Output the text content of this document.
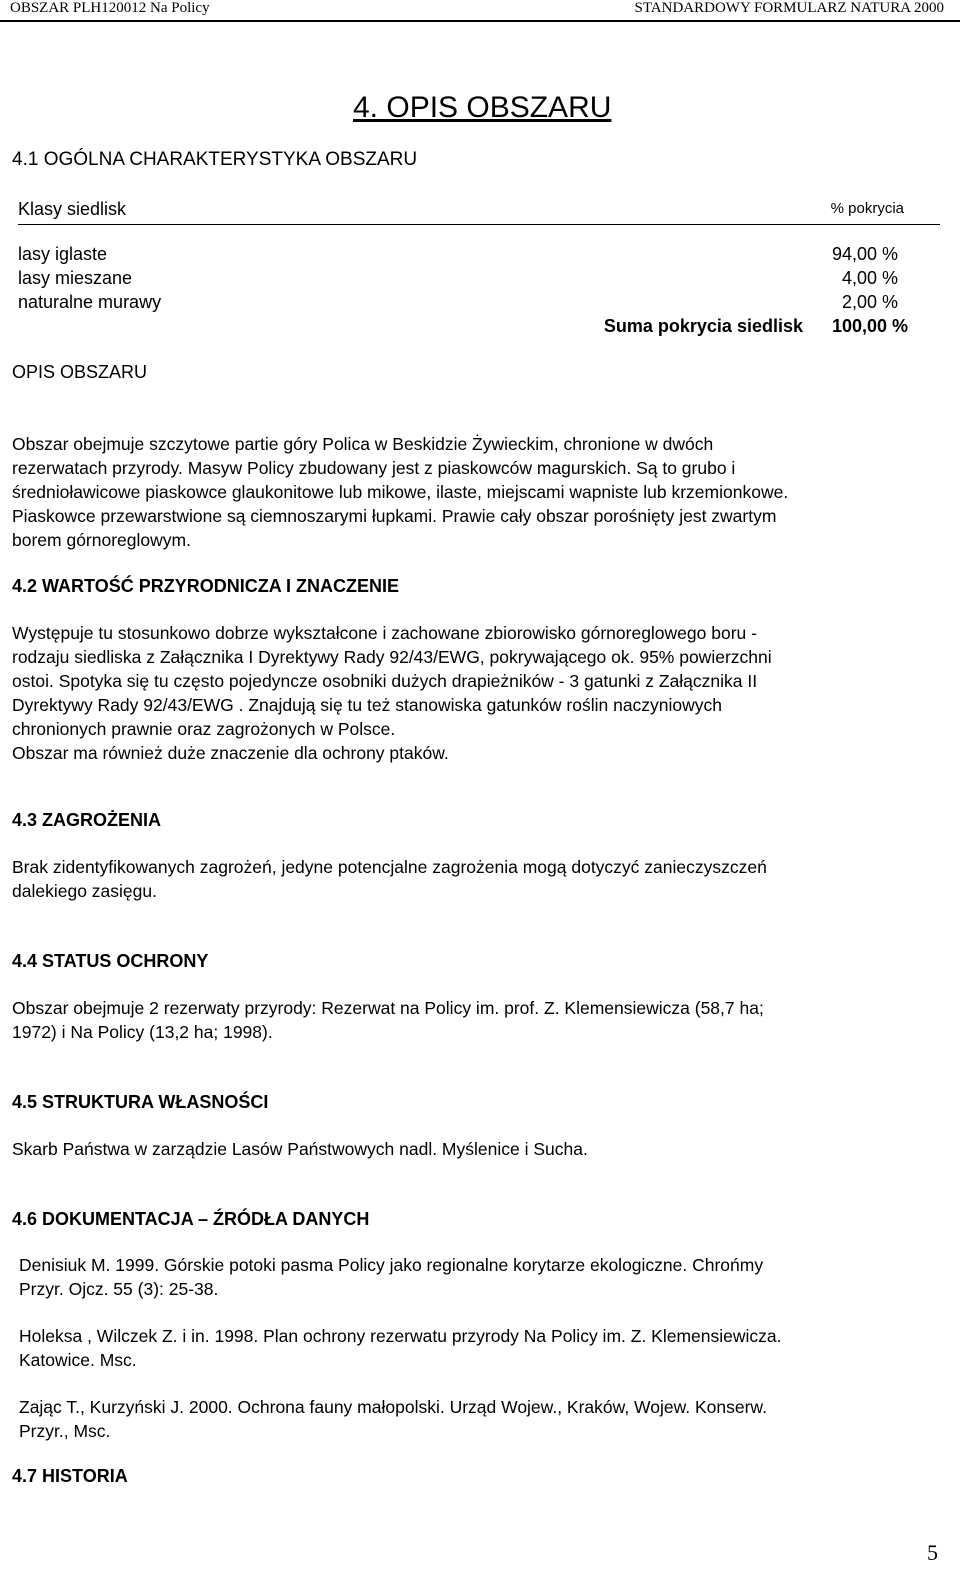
OBSZAR PLH120012 Na Policy	STANDARDOWY FORMULARZ NATURA 2000
4. OPIS OBSZARU
4.1 OGÓLNA CHARAKTERYSTYKA OBSZARU
Klasy siedlisk	% pokrycia
lasy iglaste	94,00 %
lasy mieszane	4,00 %
naturalne murawy	2,00 %
Suma pokrycia siedlisk 100,00 %
OPIS OBSZARU
Obszar obejmuje szczytowe partie góry Polica w Beskidzie Żywieckim, chronione w dwóch
rezerwatach przyrody. Masyw Policy zbudowany jest z piaskowców magurskich. Są to grubo i
średnioławicowe piaskowce glaukonitowe lub mikowe, ilaste, miejscami wapniste lub krzemionkowe.
Piaskowce przewarstwione są ciemnoszarymi łupkami. Prawie cały obszar porośnięty jest zwartym
borem górnoreglowym.
4.2 WARTOŚĆ PRZYRODNICZA I ZNACZENIE
Występuje tu stosunkowo dobrze wykształcone i zachowane zbiorowisko górnoreglowego boru -
rodzaju siedliska z Załącznika I Dyrektywy Rady 92/43/EWG, pokrywającego ok. 95% powierzchni
ostoi. Spotyka się tu często pojedyncze osobniki dużych drapieżników - 3 gatunki z Załącznika II
Dyrektywy Rady 92/43/EWG . Znajdują się tu też stanowiska gatunków roślin naczyniowych
chronionych prawnie oraz zagrożonych w Polsce.
Obszar ma również duże znaczenie dla ochrony ptaków.
4.3 ZAGROŻENIA
Brak zidentyfikowanych zagrożeń, jedyne potencjalne zagrożenia mogą dotyczyć zanieczyszczeń
dalekiego zasięgu.
4.4 STATUS OCHRONY
Obszar obejmuje 2 rezerwaty przyrody: Rezerwat na Policy im. prof. Z. Klemensiewicza (58,7 ha;
1972) i Na Policy (13,2 ha; 1998).
4.5 STRUKTURA WŁASNOŚCI
Skarb Państwa w zarządzie Lasów Państwowych nadl. Myślenice i Sucha.
4.6 DOKUMENTACJA – ŹRÓDŁA DANYCH
Denisiuk M. 1999. Górskie potoki pasma Policy jako regionalne korytarze ekologiczne. Chrońmy
Przyr. Ojcz. 55 (3): 25-38.
Holeksa , Wilczek Z. i in. 1998. Plan ochrony rezerwatu przyrody Na Policy im. Z. Klemensiewicza.
Katowice. Msc.
Zając T., Kurzyński J. 2000. Ochrona fauny małopolski. Urząd Wojew., Kraków, Wojew. Konserw.
Przyr., Msc.
4.7 HISTORIA
5
